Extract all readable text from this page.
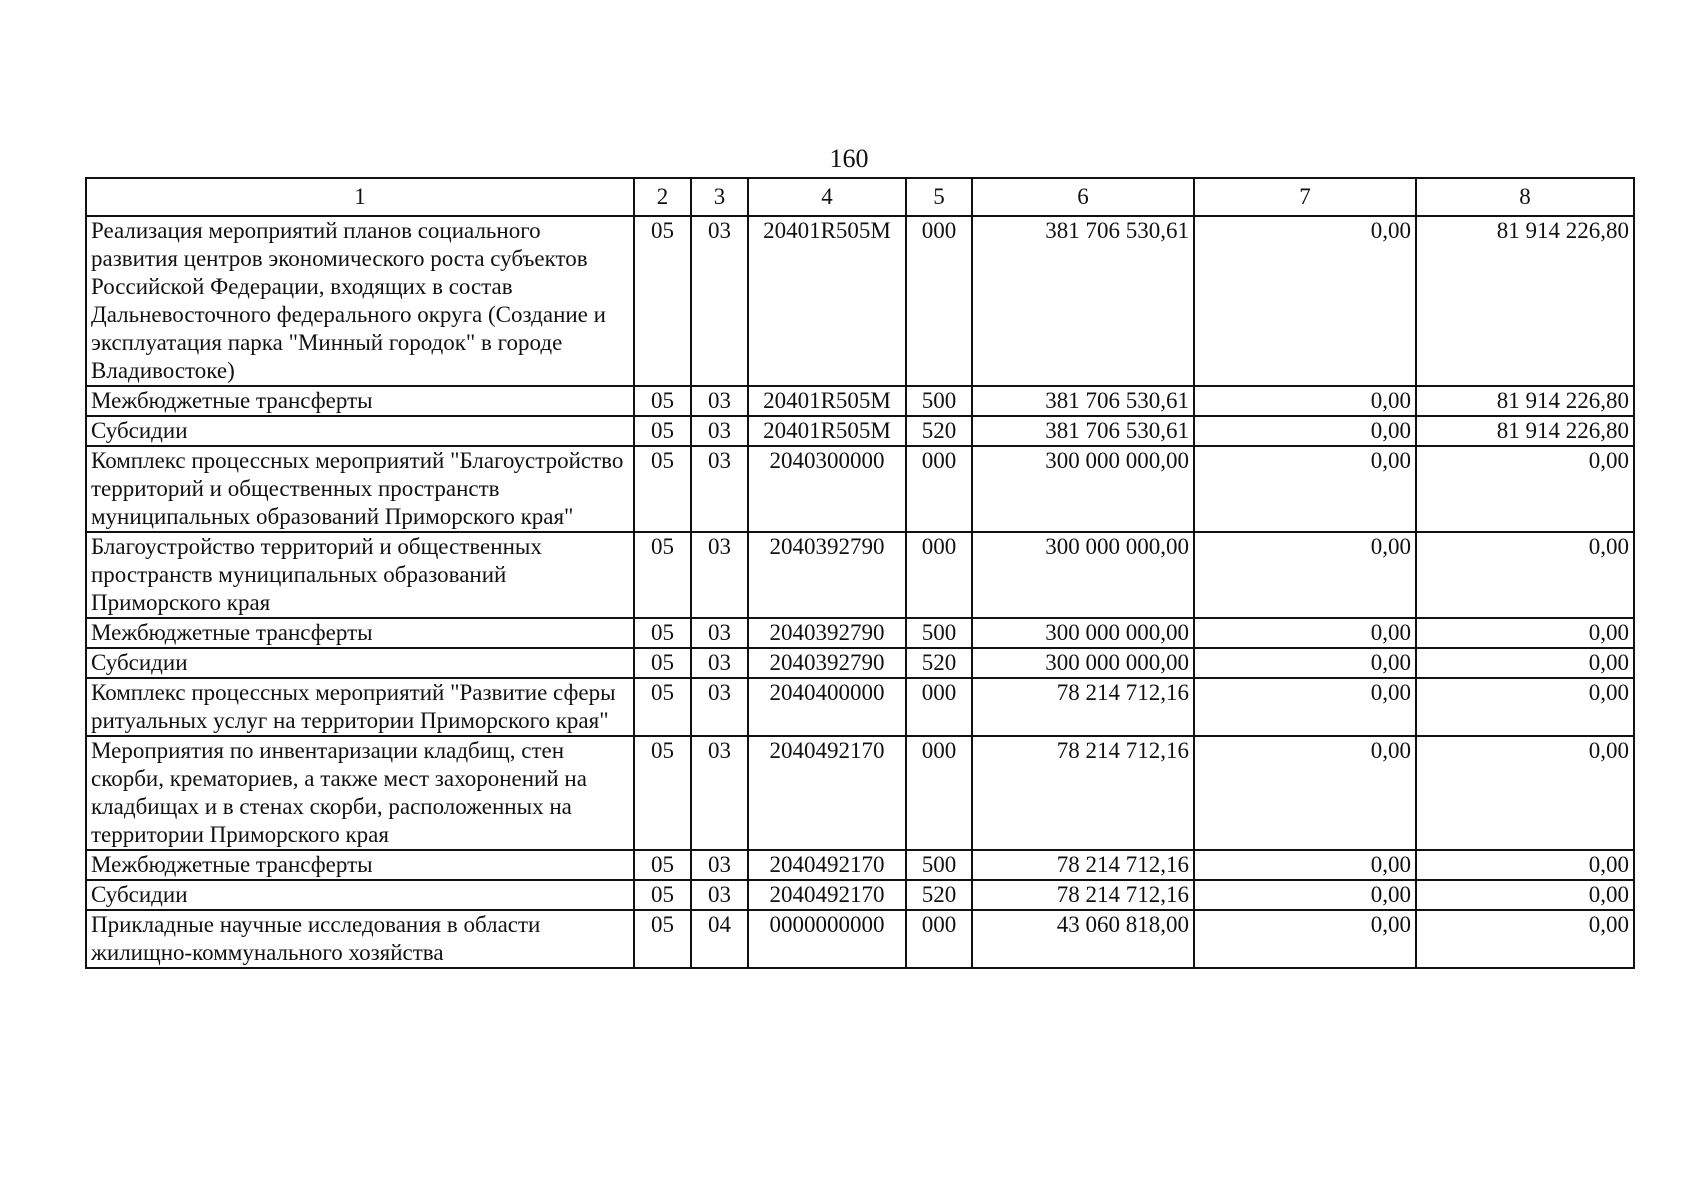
160
1	2	3	4	5	6	7	8
Реализация мероприятий планов социального развития центров экономического роста субъектов Российской Федерации, входящих в состав Дальневосточного федерального округа (Создание и эксплуатация парка "Минный городок" в городе Владивостоке)	05	03	20401R505M	000	381 706 530,61	0,00	81 914 226,80
Межбюджетные трансферты	05	03	20401R505M	500	381 706 530,61	0,00	81 914 226,80
Субсидии	05	03	20401R505M	520	381 706 530,61	0,00	81 914 226,80
Комплекс процессных мероприятий "Благоустройство территорий и общественных пространств муниципальных образований Приморского края"	05	03	2040300000	000	300 000 000,00	0,00	0,00
Благоустройство территорий и общественных пространств муниципальных образований Приморского края	05	03	2040392790	000	300 000 000,00	0,00	0,00
Межбюджетные трансферты	05	03	2040392790	500	300 000 000,00	0,00	0,00
Субсидии	05	03	2040392790	520	300 000 000,00	0,00	0,00
Комплекс процессных мероприятий "Развитие сферы ритуальных услуг на территории Приморского края"	05	03	2040400000	000	78 214 712,16	0,00	0,00
Мероприятия по инвентаризации кладбищ, стен скорби, крематориев, а также мест захоронений на кладбищах и в стенах скорби, расположенных на территории Приморского края	05	03	2040492170	000	78 214 712,16	0,00	0,00
Межбюджетные трансферты	05	03	2040492170	500	78 214 712,16	0,00	0,00
Субсидии	05	03	2040492170	520	78 214 712,16	0,00	0,00
Прикладные научные исследования в области жилищно-коммунального хозяйства	05	04	0000000000	000	43 060 818,00	0,00	0,00
